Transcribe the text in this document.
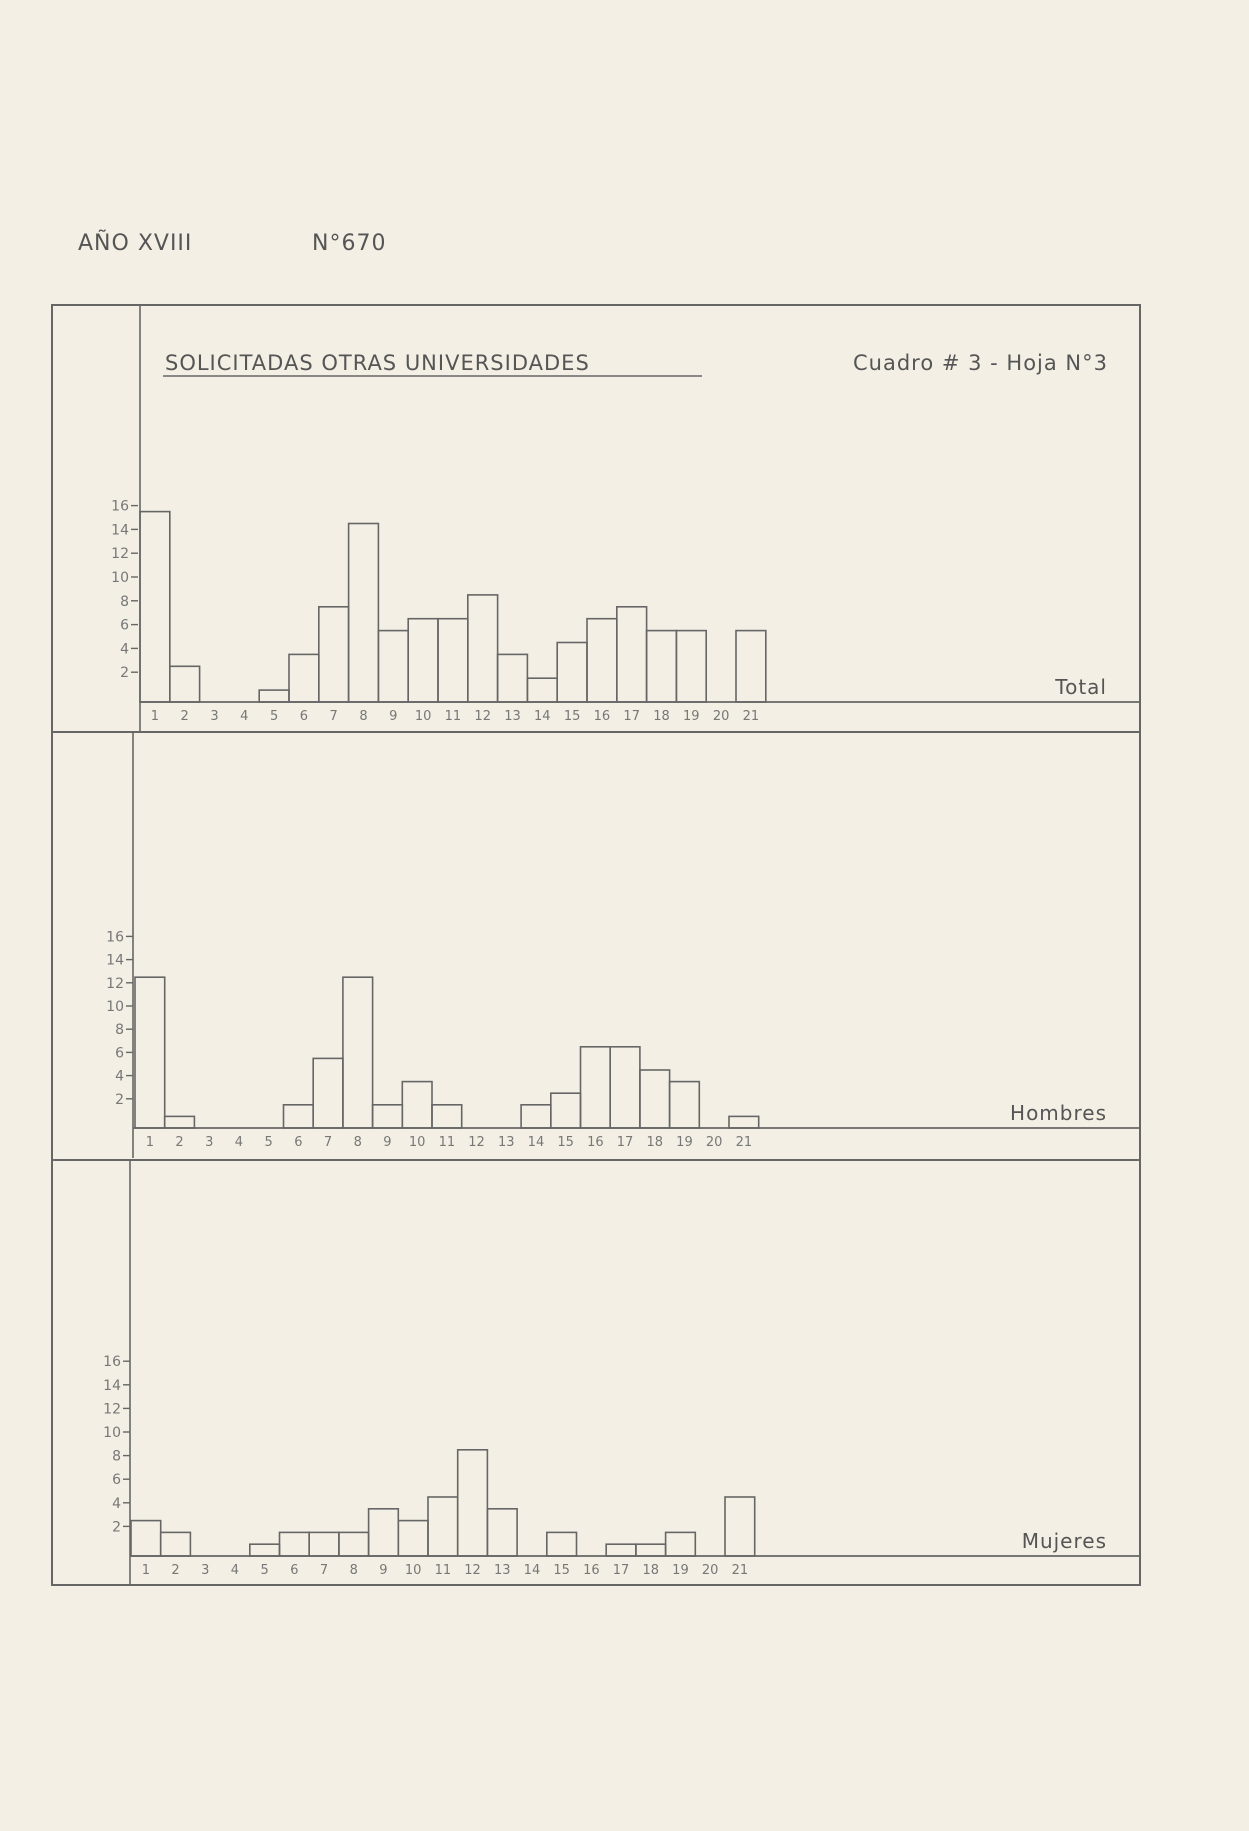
AÑO XVIII	N°670
SOLICITADAS OTRAS UNIVERSIDADES	Cuadro # 3 - Hoja N°3
2
4
6
8
10
12
14
16
1 2 3 4 5 6 7 8 9 10 11 12 13 14 15 16 17 18 19 20 21
Total
2
4
6
8
10
12
14
16
1 2 3 4 5 6 7 8 9 10 11 12 13 14 15 16 17 18 19 20 21
Hombres
2
4
6
8
10
12
14
16
1 2 3 4 5 6 7 8 9 10 11 12 13 14 15 16 17 18 19 20 21
Mujeres
